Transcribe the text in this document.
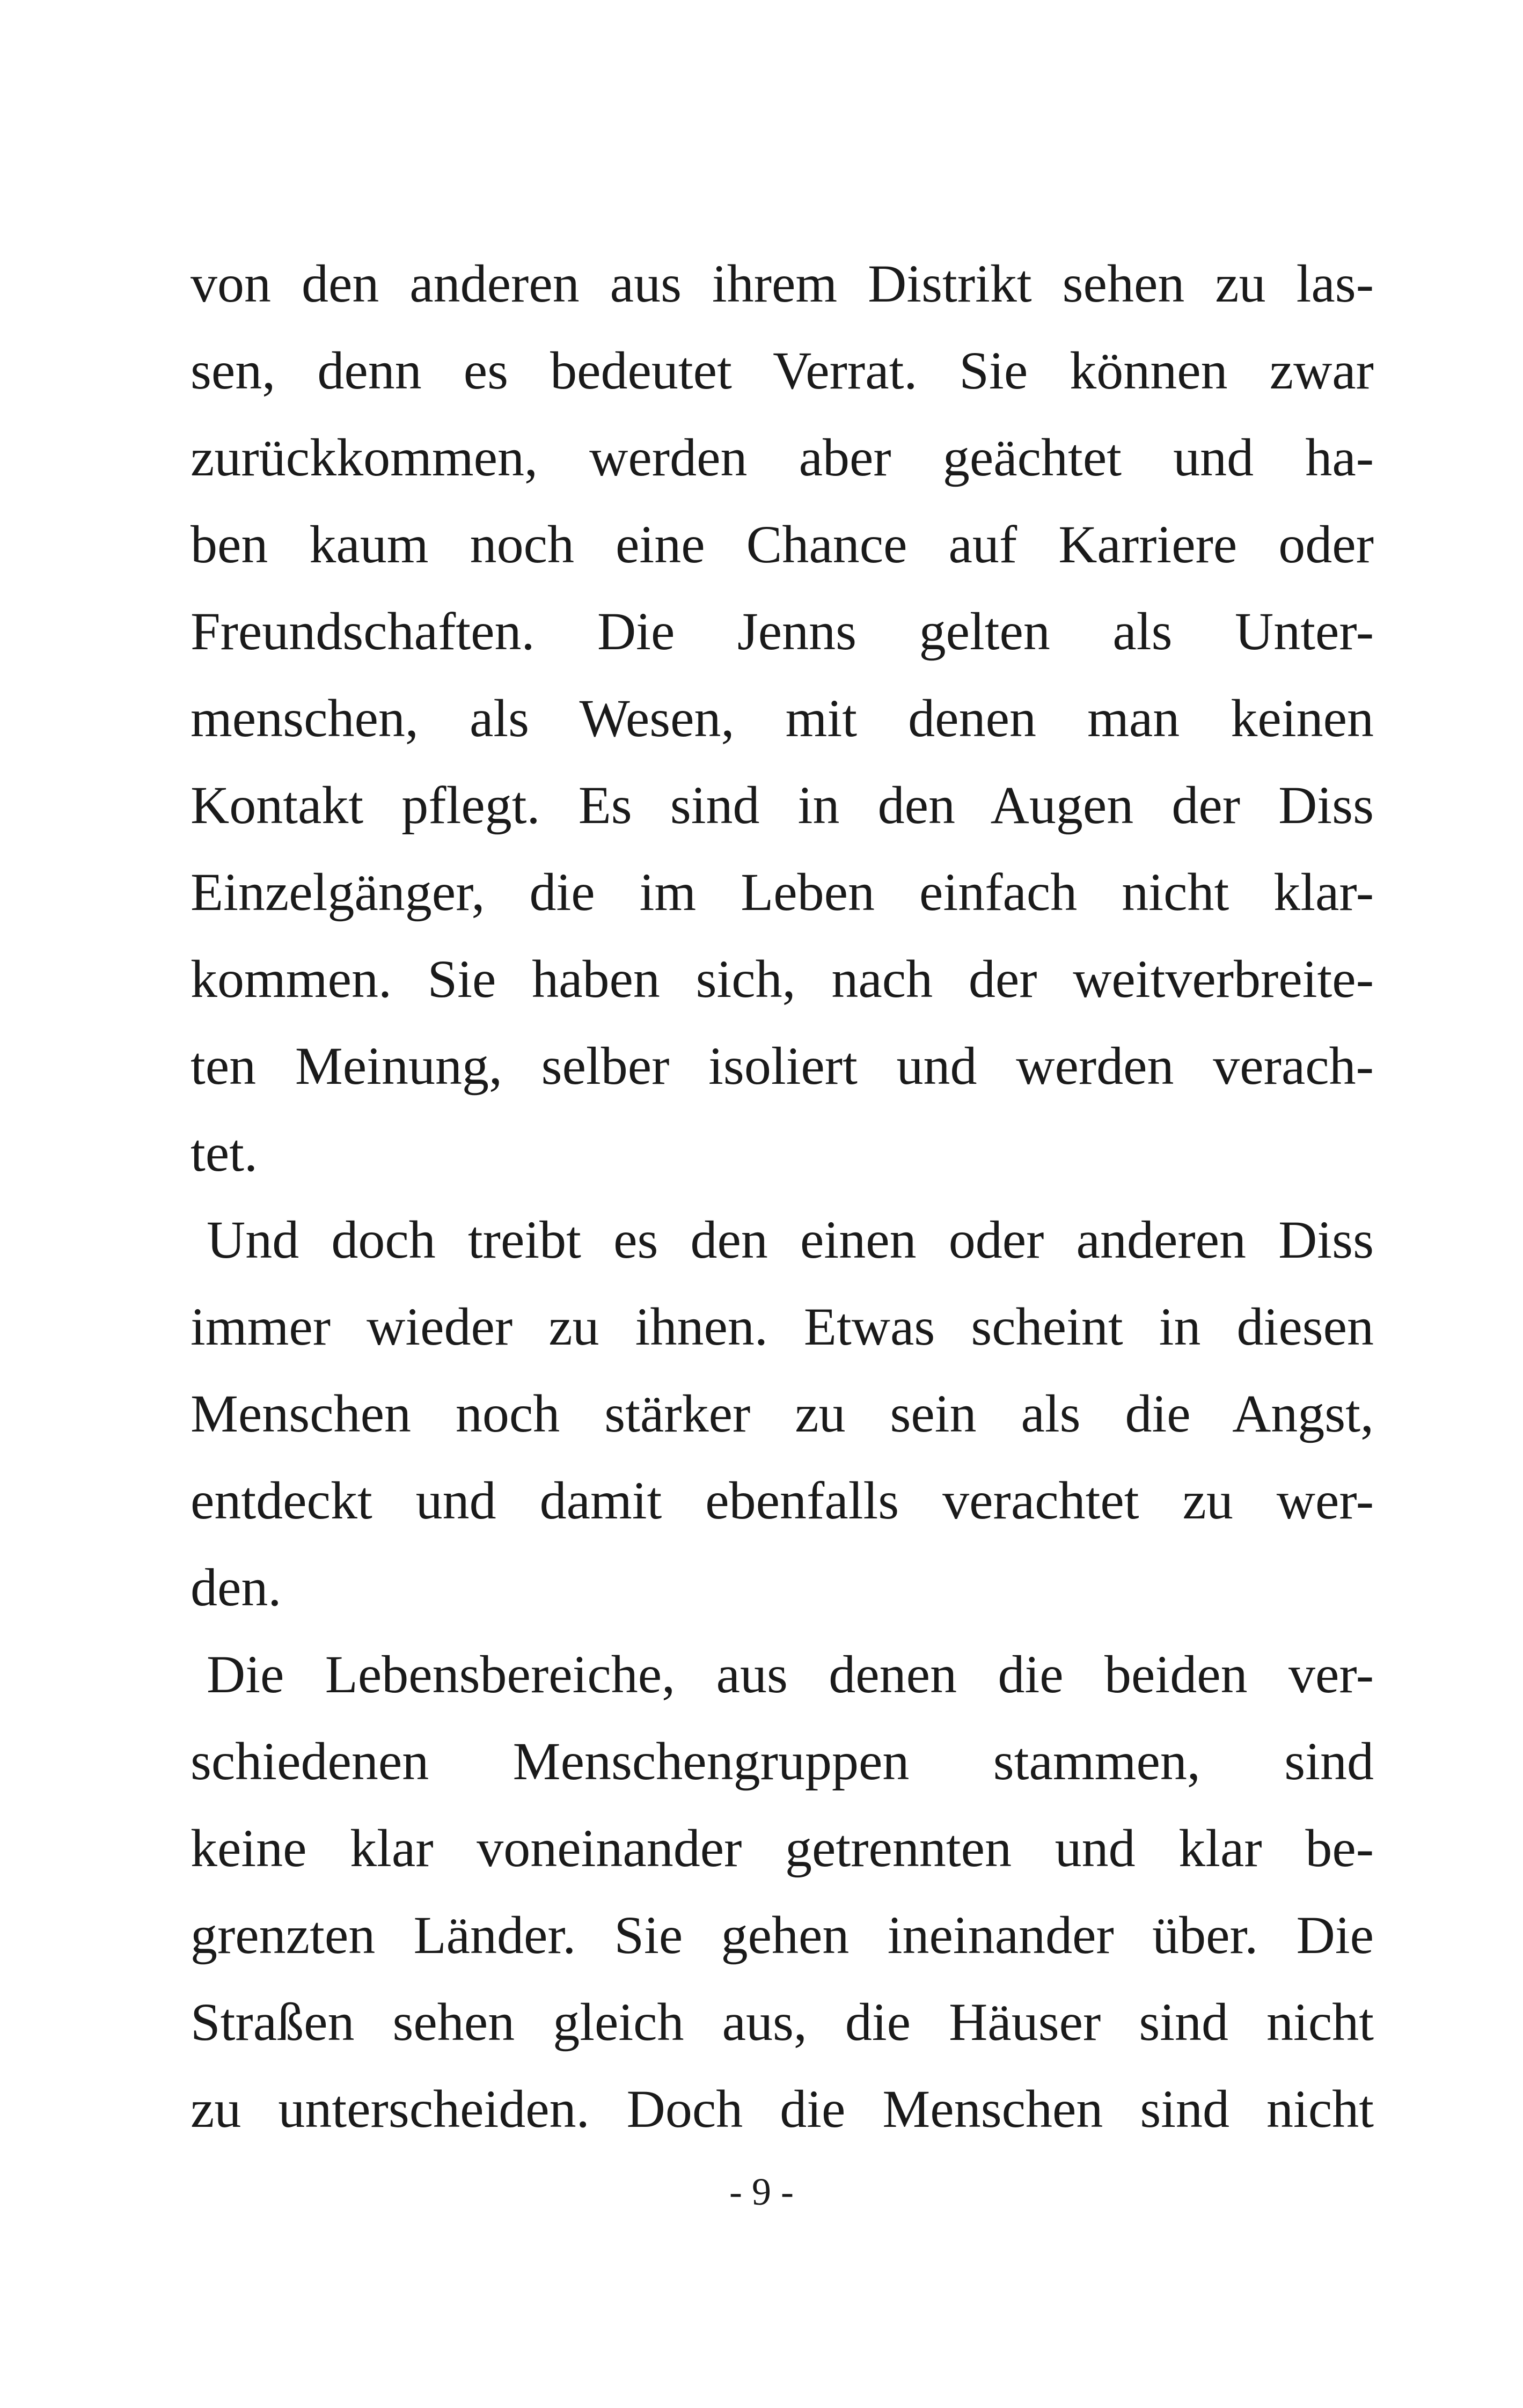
von den anderen aus ihrem Distrikt sehen zu las-
sen, denn es bedeutet Verrat. Sie können zwar
zurückkommen, werden aber geächtet und ha-
ben kaum noch eine Chance auf Karriere oder
Freundschaften. Die Jenns gelten als Unter-
menschen, als Wesen, mit denen man keinen
Kontakt pflegt. Es sind in den Augen der Diss
Einzelgänger, die im Leben einfach nicht klar-
kommen. Sie haben sich, nach der weitverbreite-
ten Meinung, selber isoliert und werden verach-
tet.
Und doch treibt es den einen oder anderen Diss
immer wieder zu ihnen. Etwas scheint in diesen
Menschen noch stärker zu sein als die Angst,
entdeckt und damit ebenfalls verachtet zu wer-
den.
Die Lebensbereiche, aus denen die beiden ver-
schiedenen Menschengruppen stammen, sind
keine klar voneinander getrennten und klar be-
grenzten Länder. Sie gehen ineinander über. Die
Straßen sehen gleich aus, die Häuser sind nicht
zu unterscheiden. Doch die Menschen sind nicht
- 9 -
